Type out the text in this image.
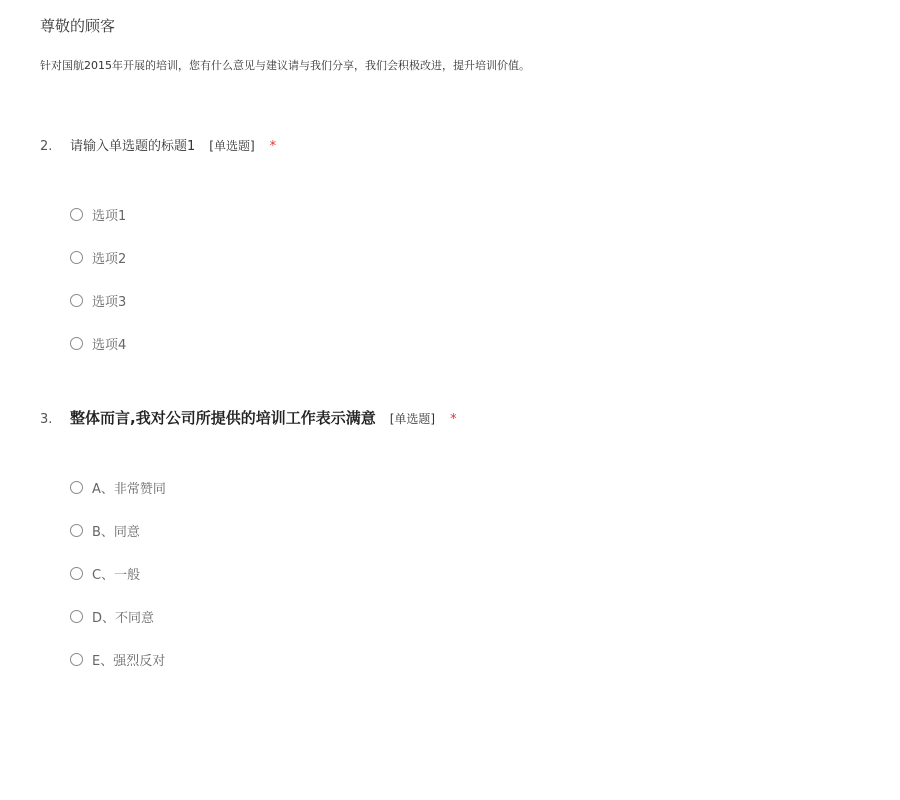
尊敬的顾客
针对国航2015年开展的培训，您有什么意见与建议请与我们分享，我们会积极改进，提升培训价值。
2.	请输入单选题的标题1 [单选题] *
选项1
选项2
选项3
选项4
3.	整体而言,我对公司所提供的培训工作表示满意 [单选题] *
A、非常赞同
B、同意
C、一般
D、不同意
E、强烈反对
